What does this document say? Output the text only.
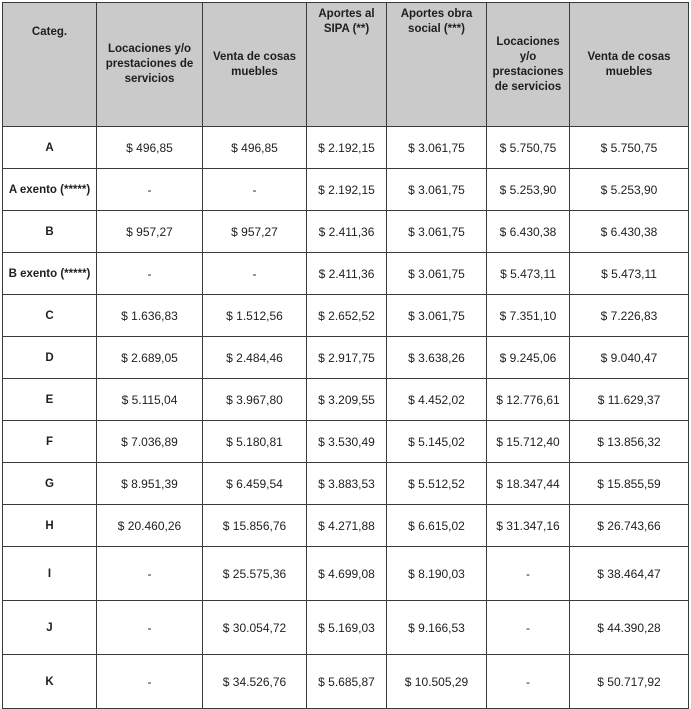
Categ.	Locaciones y/o prestaciones de servicios	Venta de cosas muebles	Aportes al SIPA (**)	Aportes obra social (***)	Locaciones y/o prestaciones de servicios	Venta de cosas muebles
A	$ 496,85	$ 496,85	$ 2.192,15	$ 3.061,75	$ 5.750,75	$ 5.750,75
A exento (*****)	-	-	$ 2.192,15	$ 3.061,75	$ 5.253,90	$ 5.253,90
B	$ 957,27	$ 957,27	$ 2.411,36	$ 3.061,75	$ 6.430,38	$ 6.430,38
B exento (*****)	-	-	$ 2.411,36	$ 3.061,75	$ 5.473,11	$ 5.473,11
C	$ 1.636,83	$ 1.512,56	$ 2.652,52	$ 3.061,75	$ 7.351,10	$ 7.226,83
D	$ 2.689,05	$ 2.484,46	$ 2.917,75	$ 3.638,26	$ 9.245,06	$ 9.040,47
E	$ 5.115,04	$ 3.967,80	$ 3.209,55	$ 4.452,02	$ 12.776,61	$ 11.629,37
F	$ 7.036,89	$ 5.180,81	$ 3.530,49	$ 5.145,02	$ 15.712,40	$ 13.856,32
G	$ 8.951,39	$ 6.459,54	$ 3.883,53	$ 5.512,52	$ 18.347,44	$ 15.855,59
H	$ 20.460,26	$ 15.856,76	$ 4.271,88	$ 6.615,02	$ 31.347,16	$ 26.743,66
I	-	$ 25.575,36	$ 4.699,08	$ 8.190,03	-	$ 38.464,47
J	-	$ 30.054,72	$ 5.169,03	$ 9.166,53	-	$ 44.390,28
K	-	$ 34.526,76	$ 5.685,87	$ 10.505,29	-	$ 50.717,92
